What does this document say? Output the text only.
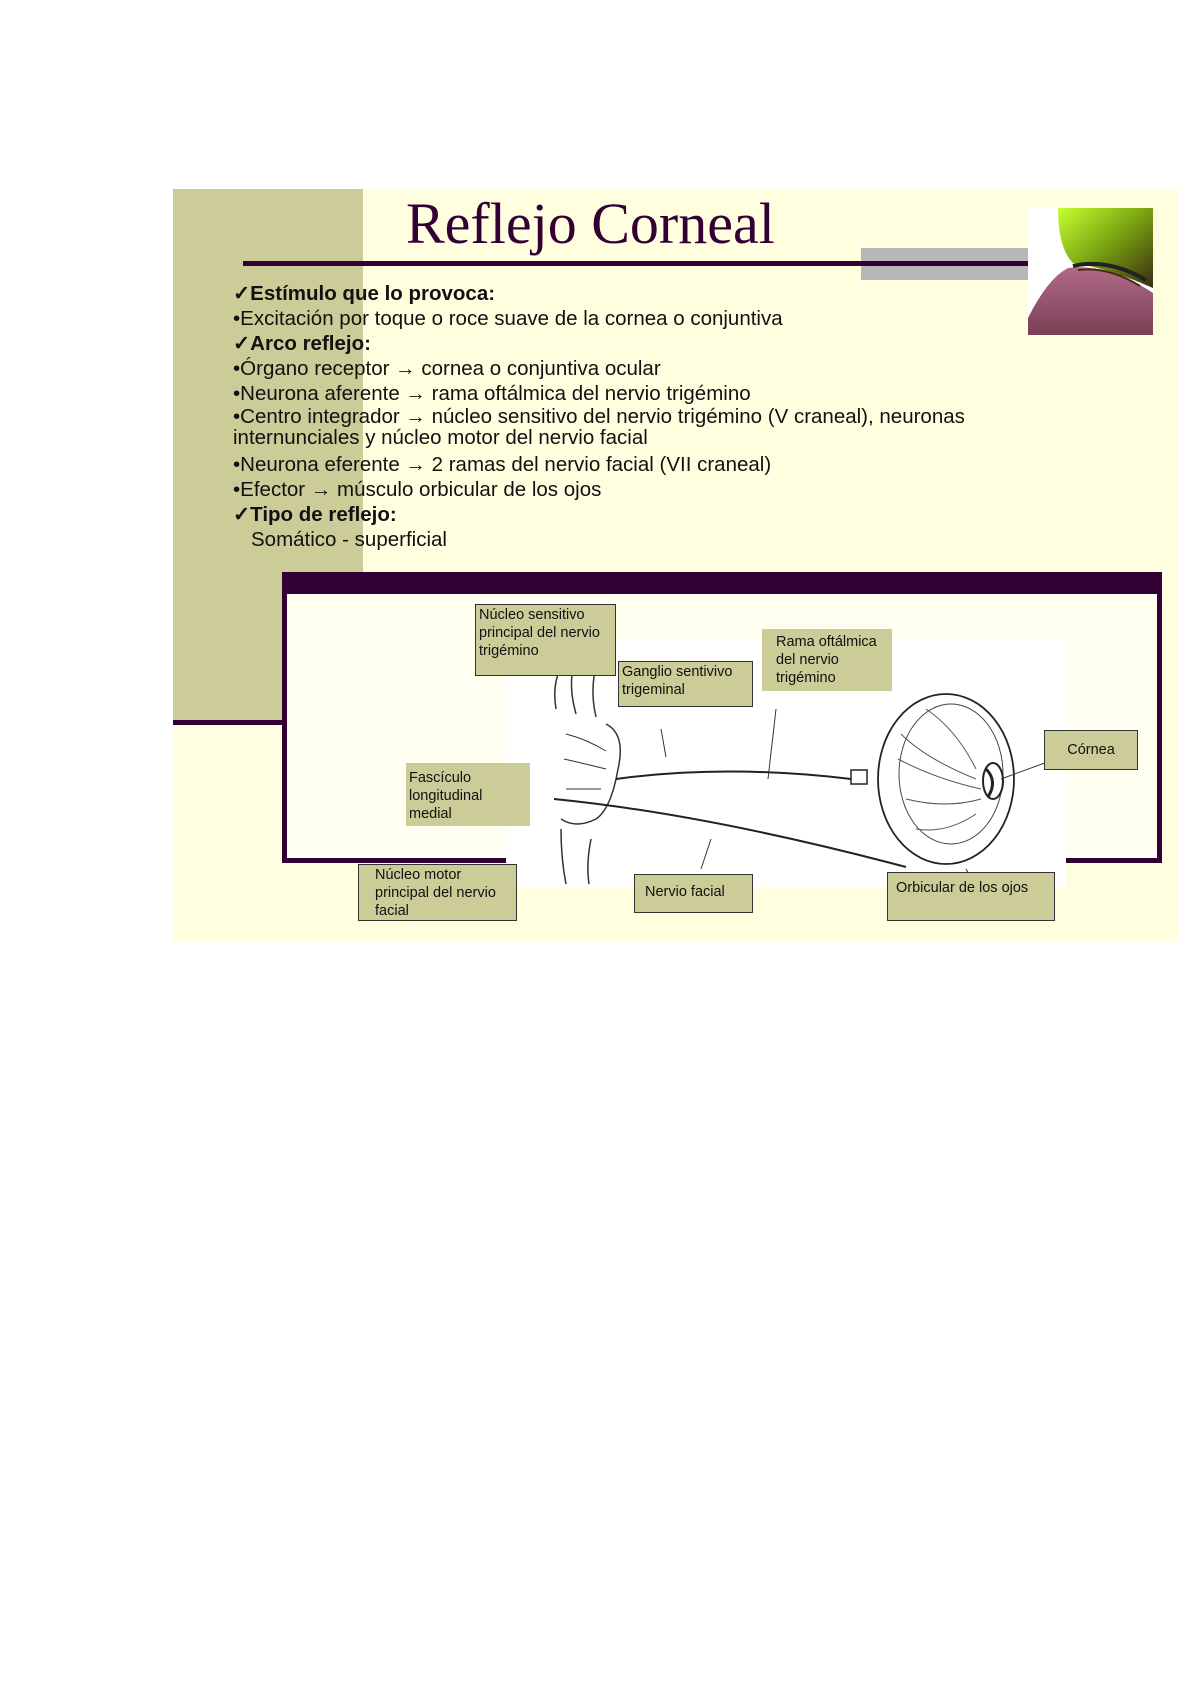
Reflejo Corneal

✓Estímulo que lo provoca:

•Excitación por toque o roce suave de la cornea o conjuntiva

✓Arco reflejo:

•Órgano receptor → cornea o conjuntiva ocular

•Neurona aferente → rama oftálmica del nervio trigémino

•Centro integrador → núcleo sensitivo del nervio trigémino (V craneal), neuronas internunciales y núcleo motor del nervio facial

•Neurona eferente → 2 ramas del nervio facial (VII craneal)

•Efector → músculo orbicular de los ojos

✓Tipo de reflejo:

Somático - superficial

Núcleo sensitivo principal del nervio trigémino
Ganglio sentivivo trigeminal
Rama oftálmica del nervio trigémino
Córnea
Fascículo longitudinal medial
Núcleo motor principal del nervio facial
Nervio facial	Orbicular de los ojos
